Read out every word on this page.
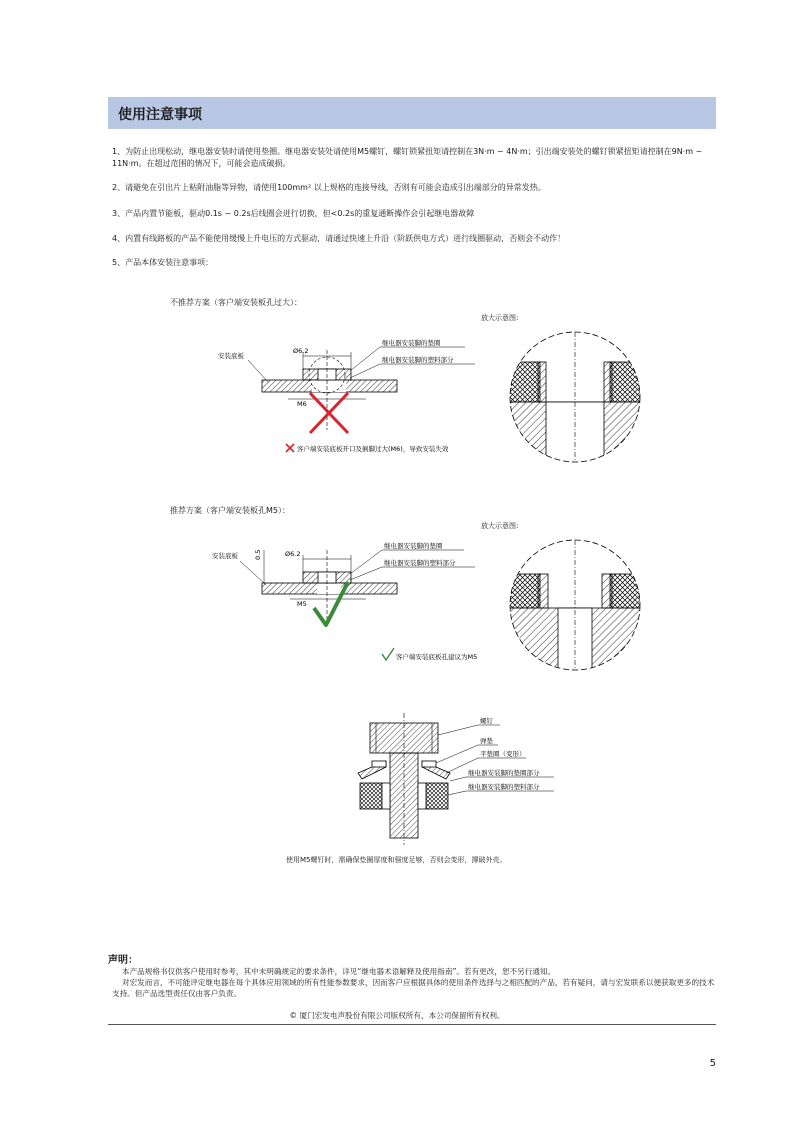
使用注意事项

1、为防止出现松动，继电器安装时请使用垫圈。继电器安装处请使用M5螺钉，螺钉锁紧扭矩请控制在3N·m ~ 4N·m；引出端安装处的螺钉锁紧扭矩请控制在9N·m ~ 11N·m。在超过范围的情况下，可能会造成破损。

2、请避免在引出片上粘附油脂等异物，请使用100mm² 以上规格的连接导线，否则有可能会造成引出端部分的异常发热。

3、产品内置节能板，驱动0.1s ~ 0.2s后线圈会进行切换，但<0.2s的重复通断操作会引起继电器故障

4、内置有线路板的产品不能使用缓慢上升电压的方式驱动，请通过快速上升沿（阶跃供电方式）进行线圈驱动，否则会不动作！

5、产品本体安装注意事项：

不推荐方案（客户端安装板孔过大）：
放大示意图:
Ø6.2
安装底板
M6
继电器安装脚的垫圈
继电器安装脚的塑料部分
客户端安装底板开口及倒脚过大(M6)，导致安装失效
推荐方案（客户端安装板孔M5）：
放大示意图:
Ø6.2
0.5
安装底板
M5
继电器安装脚的垫圈
继电器安装脚的塑料部分
客户端安装底板孔建议为M5
螺钉
弹垫
平垫圈（变形）
继电器安装脚的垫圈部分
继电器安装脚的塑料部分
使用M5螺钉时，需确保垫圈厚度和强度足够，否则会变形，撑破外壳。
声明：

本产品规格书仅供客户使用时参考，其中未明确规定的要求条件，详见“继电器术语解释及使用指南”。若有更改，恕不另行通知。

对宏发而言，不可能评定继电器在每个具体应用领域的所有性能参数要求，因而客户应根据具体的使用条件选择与之相匹配的产品，若有疑问，请与宏发联系以便获取更多的技术支持。但产品选型责任仅由客户负责。

© 厦门宏发电声股份有限公司版权所有，本公司保留所有权利。
5
